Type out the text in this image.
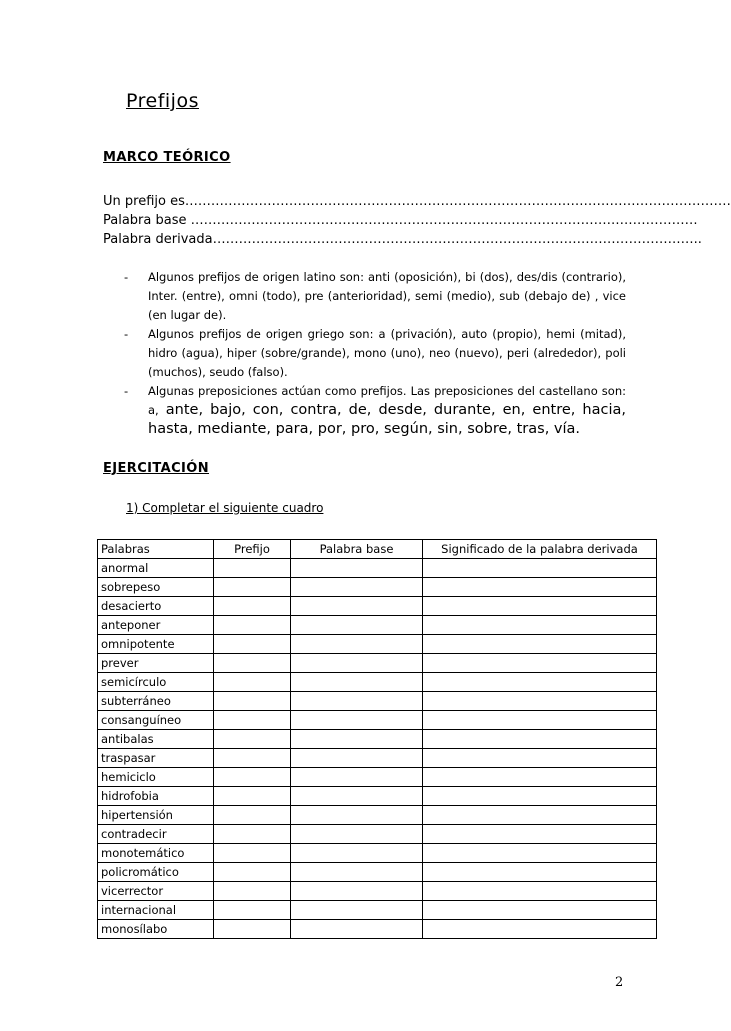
Prefijos
MARCO TEÓRICO
Un prefijo es………………………………………………………………………………………………………………
Palabra base ………………………………………………………………………………………………………
Palabra derivada…………………………………………………………………………………………………..
- Algunos prefijos de origen latino son: anti (oposición), bi (dos), des/dis (contrario), Inter. (entre), omni (todo), pre (anterioridad), semi (medio), sub (debajo de) , vice (en lugar de).
- Algunos prefijos de origen griego son: a (privación), auto (propio), hemi (mitad), hidro (agua), hiper (sobre/grande), mono (uno), neo (nuevo), peri (alrededor), poli (muchos), seudo (falso).
- Algunas preposiciones actúan como prefijos. Las preposiciones del castellano son: a, ante, bajo, con, contra, de, desde, durante, en, entre, hacia, hasta, mediante, para, por, pro, según, sin, sobre, tras, vía.
EJERCITACIÓN
1) Completar el siguiente cuadro
Palabras	Prefijo	Palabra base	Significado de la palabra derivada
anormal			
sobrepeso			
desacierto			
anteponer			
omnipotente			
prever			
semicírculo			
subterráneo			
consanguíneo			
antibalas			
traspasar			
hemiciclo			
hidrofobia			
hipertensión			
contradecir			
monotemático			
policromático			
vicerrector			
internacional			
monosílabo			
2
